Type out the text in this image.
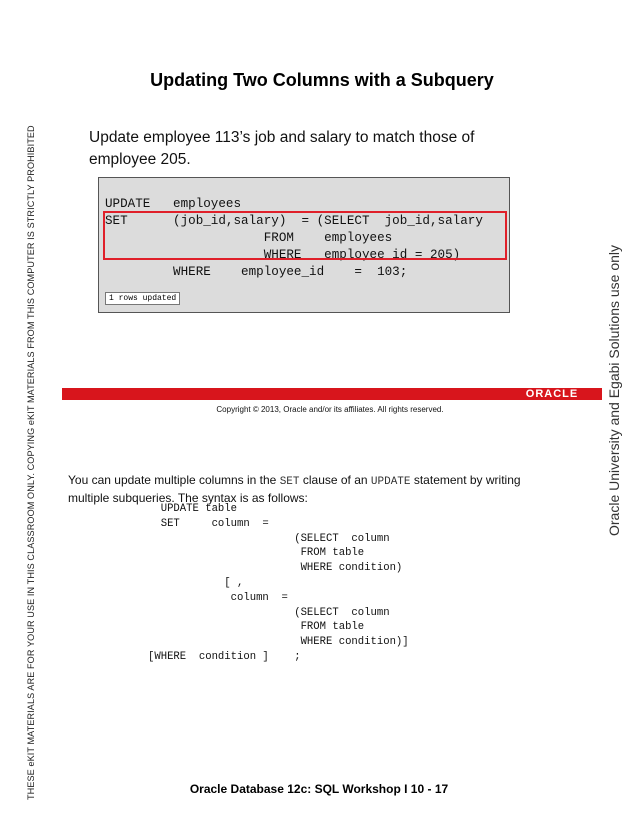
THESE eKIT MATERIALS ARE FOR YOUR USE IN THIS CLASSROOM ONLY. COPYING eKIT MATERIALS FROM THIS COMPUTER IS STRICTLY PROHIBITED	Oracle University and Egabi Solutions use only
Updating Two Columns with a Subquery
Update employee 113’s job and salary to match those of employee 205.
UPDATE   employees
SET      (job_id,salary)  = (SELECT  job_id,salary
FROM    employees
WHERE   employee_id = 205)
WHERE    employee_id    =  103;
1 rows updated
ORACLE
Copyright © 2013, Oracle and/or its affiliates. All rights reserved.
You can update multiple columns in the SET clause of an UPDATE statement by writing multiple subqueries. The syntax is as follows:
UPDATE table
SET     column  =
(SELECT  column
FROM table
WHERE condition)
[ ,
column  =
(SELECT  column
FROM table
WHERE condition)]
[WHERE  condition ]    ;
Oracle Database 12c: SQL Workshop I 10 - 17
